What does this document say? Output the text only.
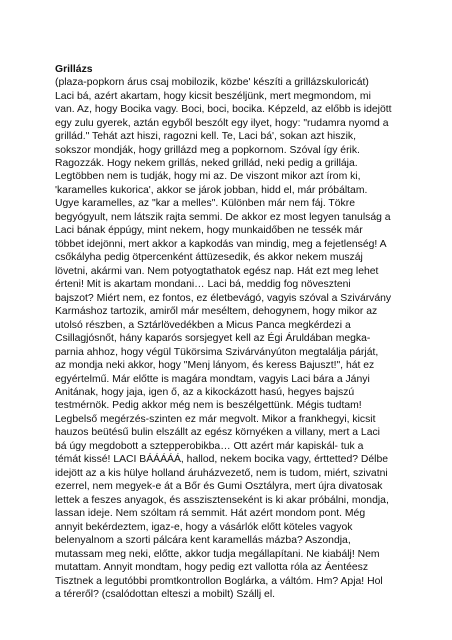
Grillázs
(plaza-popkorn árus csaj mobilozik, közbe' készíti a grillázskuloricát)
Laci bá, azért akartam, hogy kicsit beszéljünk, mert megmondom, mi
van. Az, hogy Bocika vagy. Boci, boci, bocika. Képzeld, az előbb is idejött
egy zulu gyerek, aztán egyből beszólt egy ilyet, hogy: "rudamra nyomd a
grillád." Tehát azt hiszi, ragozni kell. Te, Laci bá', sokan azt hiszik,
sokszor mondják, hogy grillázd meg a popkornom. Szóval így érik.
Ragozzák. Hogy nekem grillás, neked grillád, neki pedig a grillája.
Legtöbben nem is tudják, hogy mi az. De viszont mikor azt írom ki,
'karamelles kukorica', akkor se járok jobban, hidd el, már próbáltam.
Ugye karamelles, az "kar a melles". Különben már nem fáj. Tökre
begyógyult, nem látszik rajta semmi. De akkor ez most legyen tanulság a
Laci bának éppúgy, mint nekem, hogy munkaidőben ne tessék már
többet idejönni, mert akkor a kapkodás van mindig, meg a fejetlenség! A
csőkályha pedig ötpercenként áttüzesedik, és akkor nekem muszáj
lövetni, akármi van. Nem potyogtathatok egész nap. Hát ezt meg lehet
érteni! Mit is akartam mondani… Laci bá, meddig fog növeszteni
bajszot? Miért nem, ez fontos, ez életbevágó, vagyis szóval a Szivárvány
Karmáshoz tartozik, amiről már meséltem, dehogynem, hogy mikor az
utolsó részben, a Sztárlövedékben a Micus Panca megkérdezi a
Csillagjósnőt, hány kaparós sorsjegyet kell az Égi Áruldában megka-
parnia ahhoz, hogy végül Tükörsima Szivárványúton megtalálja párját,
az mondja neki akkor, hogy "Menj lányom, és keress Bajuszt!", hát ez
egyértelmű. Már előtte is magára mondtam, vagyis Laci bára a Jányi
Anitának, hogy jaja, igen ő, az a kikockázott hasú, hegyes bajszú
testmérnök. Pedig akkor még nem is beszélgettünk. Mégis tudtam!
Legbelső megérzés-szinten ez már megvolt. Mikor a frankhegyi, kicsit
hauzos beütésű bulin elszállt az egész környéken a villany, mert a Laci
bá úgy megdobott a sztepperobikba… Ott azért már kapiskál- tuk a
témát kissé! LACI BÁÁÁÁÁ, hallod, nekem bocika vagy, érttetted? Délbe
idejött az a kis hülye holland áruházvezető, nem is tudom, miért, szivatni
ezerrel, nem megyek-e át a Bőr és Gumi Osztályra, mert újra divatosak
lettek a feszes anyagok, és asszisztenseként is ki akar próbálni, mondja,
lassan ideje. Nem szóltam rá semmit. Hát azért mondom pont. Még
annyit bekérdeztem, igaz-e, hogy a vásárlók előtt köteles vagyok
belenyalnom a szorti pálcára kent karamellás mázba? Aszondja,
mutassam meg neki, előtte, akkor tudja megállapítani. Ne kiabálj! Nem
mutattam. Annyit mondtam, hogy pedig ezt vallotta róla az Áentéesz
Tisztnek a legutóbbi promtkontrollon Boglárka, a váltóm. Hm? Apja! Hol
a téreről? (csalódottan elteszi a mobilt) Szállj el.
